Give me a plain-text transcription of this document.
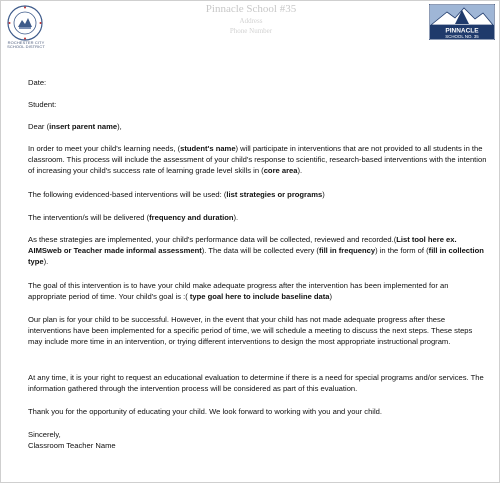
ROCHESTER CITY SCHOOL DISTRICT
Pinnacle School #35
Address
Phone Number	PINNACLE
SCHOOL NO. 35

Date:

Student:

Dear (insert parent name),

In order to meet your child's learning needs, (student's name) will participate in interventions that are not provided to all students in the classroom. This process will include the assessment of your child's response to scientific, research-based interventions with the intention of increasing your child's success rate of learning grade level skills in (core area).

The following evidenced-based interventions will be used: (list strategies or programs)

The intervention/s will be delivered (frequency and duration).

As these strategies are implemented, your child's performance data will be collected, reviewed and recorded.(List tool here ex. AIMSweb or Teacher made informal assessment). The data will be collected every (fill in frequency) in the form of (fill in collection type).

The goal of this intervention is to have your child make adequate progress after the intervention has been implemented for an appropriate period of time. Your child's goal is :( type goal here to include baseline data)

Our plan is for your child to be successful. However, in the event that your child has not made adequate progress after these interventions have been implemented for a specific period of time, we will schedule a meeting to discuss the next steps. These steps may include more time in an intervention, or trying different interventions to design the most appropriate instructional program.

At any time, it is your right to request an educational evaluation to determine if there is a need for special programs and/or services. The information gathered through the intervention process will be considered as part of this evaluation.

Thank you for the opportunity of educating your child. We look forward to working with you and your child.

Sincerely,

Classroom Teacher Name
